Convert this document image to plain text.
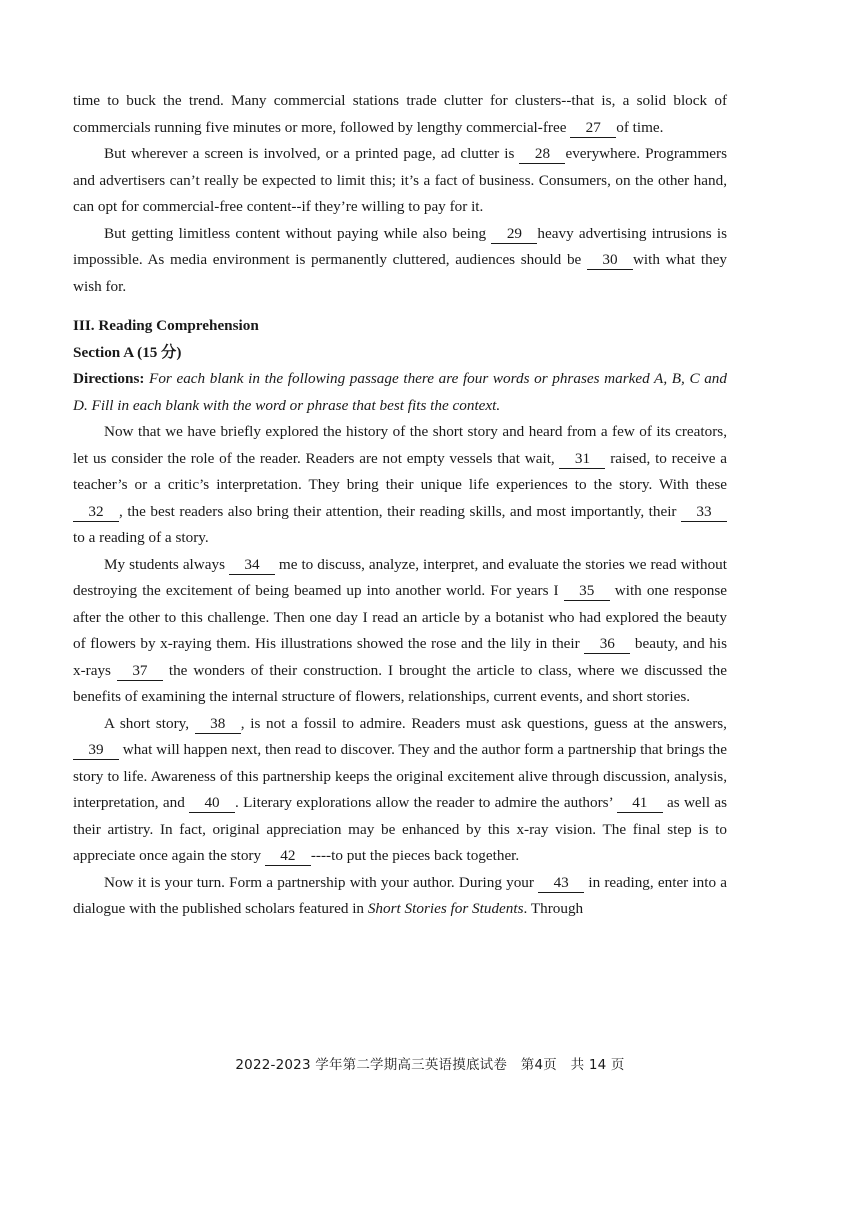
time to buck the trend. Many commercial stations trade clutter for clusters--that is, a solid block of commercials running five minutes or more, followed by lengthy commercial-free 27 of time.

But wherever a screen is involved, or a printed page, ad clutter is 28 everywhere. Programmers and advertisers can’t really be expected to limit this; it’s a fact of business. Consumers, on the other hand, can opt for commercial-free content--if they’re willing to pay for it.

But getting limitless content without paying while also being 29 heavy advertising intrusions is impossible. As media environment is permanently cluttered, audiences should be 30 with what they wish for.

III. Reading Comprehension

Section A (15 分)

Directions: For each blank in the following passage there are four words or phrases marked A, B, C and D. Fill in each blank with the word or phrase that best fits the context.

Now that we have briefly explored the history of the short story and heard from a few of its creators, let us consider the role of the reader. Readers are not empty vessels that wait, 31 raised, to receive a teacher’s or a critic’s interpretation. They bring their unique life experiences to the story. With these 32 , the best readers also bring their attention, their reading skills, and most importantly, their 33 to a reading of a story.

My students always 34 me to discuss, analyze, interpret, and evaluate the stories we read without destroying the excitement of being beamed up into another world. For years I 35 with one response after the other to this challenge. Then one day I read an article by a botanist who had explored the beauty of flowers by x-raying them. His illustrations showed the rose and the lily in their 36 beauty, and his x-rays 37 the wonders of their construction. I brought the article to class, where we discussed the benefits of examining the internal structure of flowers, relationships, current events, and short stories.

A short story, 38 , is not a fossil to admire. Readers must ask questions, guess at the answers, 39 what will happen next, then read to discover. They and the author form a partnership that brings the story to life. Awareness of this partnership keeps the original excitement alive through discussion, analysis, interpretation, and 40 . Literary explorations allow the reader to admire the authors’ 41 as well as their artistry. In fact, original appreciation may be enhanced by this x-ray vision. The final step is to appreciate once again the story 42 ----to put the pieces back together.

Now it is your turn. Form a partnership with your author. During your 43 in reading, enter into a dialogue with the published scholars featured in Short Stories for Students. Through

2022-2023 学年第二学期高三英语摸底试卷　第4页　共 14 页
